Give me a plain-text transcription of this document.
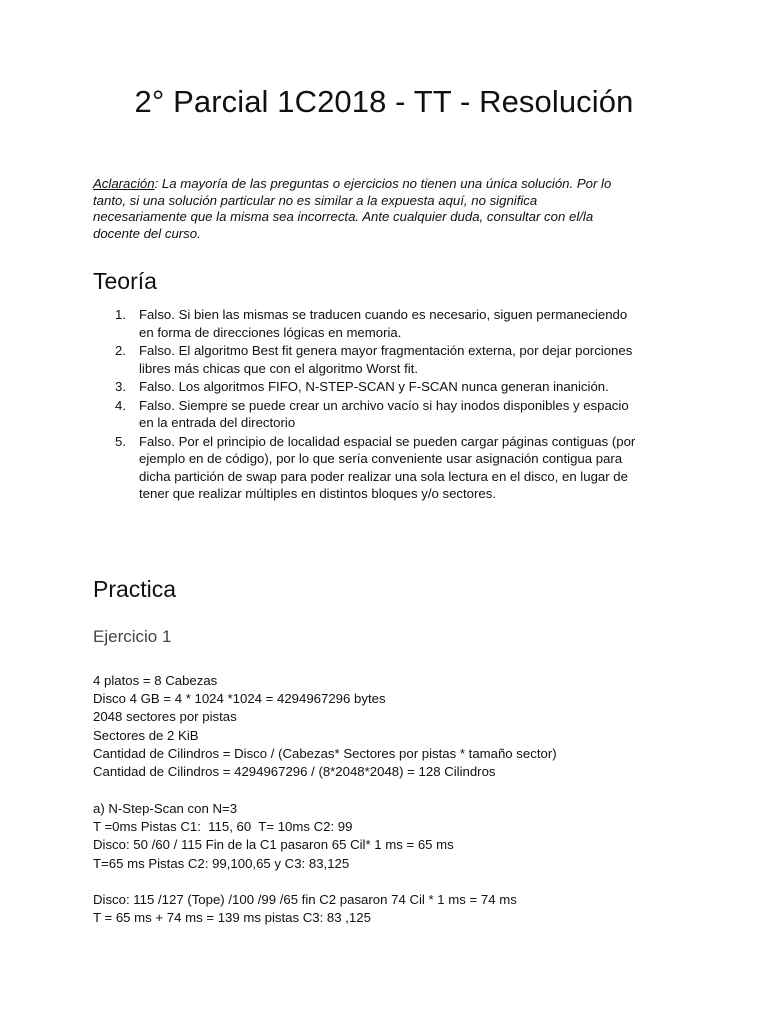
2° Parcial 1C2018 - TT - Resolución

Aclaración: La mayoría de las preguntas o ejercicios no tienen una única solución. Por lo
tanto, si una solución particular no es similar a la expuesta aquí, no significa
necesariamente que la misma sea incorrecta. Ante cualquier duda, consultar con el/la
docente del curso.

Teoría
1. Falso. Si bien las mismas se traducen cuando es necesario, siguen permaneciendo
en forma de direcciones lógicas en memoria.
2. Falso. El algoritmo Best fit genera mayor fragmentación externa, por dejar porciones
libres más chicas que con el algoritmo Worst fit.
3. Falso. Los algoritmos FIFO, N-STEP-SCAN y F-SCAN nunca generan inanición.
4. Falso. Siempre se puede crear un archivo vacío si hay inodos disponibles y espacio
en la entrada del directorio
5. Falso. Por el principio de localidad espacial se pueden cargar páginas contiguas (por
ejemplo en de código), por lo que sería conveniente usar asignación contigua para
dicha partición de swap para poder realizar una sola lectura en el disco, en lugar de
tener que realizar múltiples en distintos bloques y/o sectores.
Practica
Ejercicio 1
4 platos = 8 Cabezas
Disco 4 GB = 4 * 1024 *1024 = 4294967296 bytes
2048 sectores por pistas
Sectores de 2 KiB
Cantidad de Cilindros = Disco / (Cabezas* Sectores por pistas * tamaño sector)
Cantidad de Cilindros = 4294967296 / (8*2048*2048) = 128 Cilindros
a) N-Step-Scan con N=3
T =0ms Pistas C1:  115, 60  T= 10ms C2: 99
Disco: 50 /60 / 115 Fin de la C1 pasaron 65 Cil* 1 ms = 65 ms
T=65 ms Pistas C2: 99,100,65 y C3: 83,125
Disco: 115 /127 (Tope) /100 /99 /65 fin C2 pasaron 74 Cil * 1 ms = 74 ms
T = 65 ms + 74 ms = 139 ms pistas C3: 83 ,125
